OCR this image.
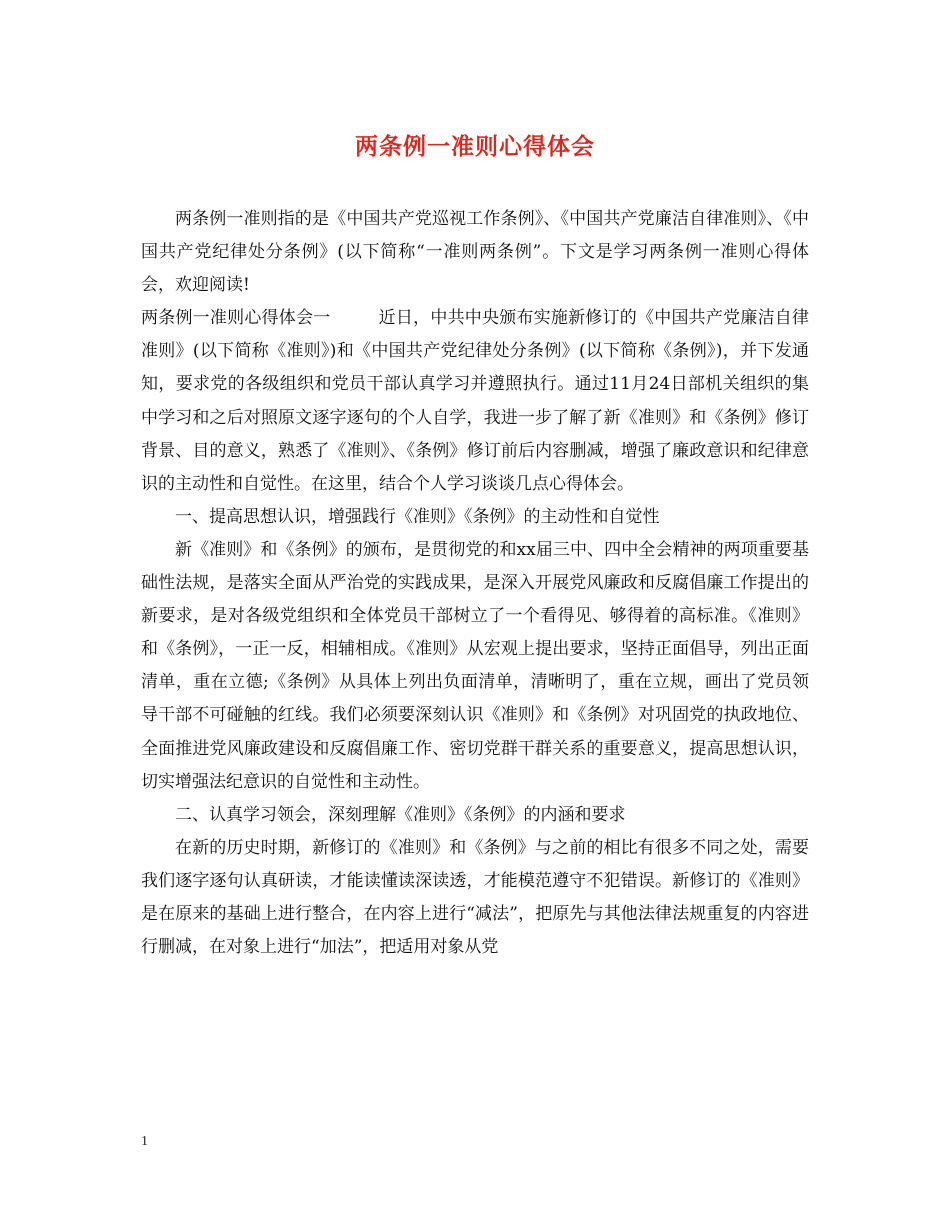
两条例一准则心得体会

两条例一准则指的是《中国共产党巡视工作条例》、《中国共产党廉洁自律准则》、《中国共产党纪律处分条例》(以下简称“一准则两条例”。下文是学习两条例一准则心得体会，欢迎阅读!

两条例一准则心得体会一	近日，中共中央颁布实施新修订的《中国共产党廉洁自律准则》(以下简称《准则》)和《中国共产党纪律处分条例》(以下简称《条例》)，并下发通知，要求党的各级组织和党员干部认真学习并遵照执行。通过11月24日部机关组织的集中学习和之后对照原文逐字逐句的个人自学，我进一步了解了新《准则》和《条例》修订背景、目的意义，熟悉了《准则》、《条例》修订前后内容删减，增强了廉政意识和纪律意识的主动性和自觉性。在这里，结合个人学习谈谈几点心得体会。

一、提高思想认识，增强践行《准则》《条例》的主动性和自觉性

新《准则》和《条例》的颁布，是贯彻党的和xx届三中、四中全会精神的两项重要基础性法规，是落实全面从严治党的实践成果，是深入开展党风廉政和反腐倡廉工作提出的新要求，是对各级党组织和全体党员干部树立了一个看得见、够得着的高标准。《准则》和《条例》，一正一反，相辅相成。《准则》从宏观上提出要求，坚持正面倡导，列出正面清单，重在立德;《条例》从具体上列出负面清单，清晰明了，重在立规，画出了党员领导干部不可碰触的红线。我们必须要深刻认识《准则》和《条例》对巩固党的执政地位、全面推进党风廉政建设和反腐倡廉工作、密切党群干群关系的重要意义，提高思想认识，切实增强法纪意识的自觉性和主动性。

二、认真学习领会，深刻理解《准则》《条例》的内涵和要求

在新的历史时期，新修订的《准则》和《条例》与之前的相比有很多不同之处，需要我们逐字逐句认真研读，才能读懂读深读透，才能模范遵守不犯错误。新修订的《准则》是在原来的基础上进行整合，在内容上进行“减法”，把原先与其他法律法规重复的内容进行删减，在对象上进行“加法”，把适用对象从党

1
